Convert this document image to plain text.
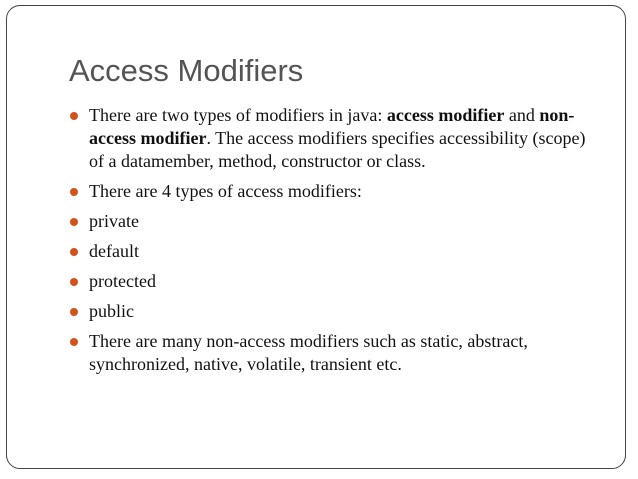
Access Modifiers
There are two types of modifiers in java: access modifier and non-access modifier. The access modifiers specifies accessibility (scope) of a datamember, method, constructor or class.
There are 4 types of access modifiers:
private
default
protected
public
There are many non-access modifiers such as static, abstract, synchronized, native, volatile, transient etc.
